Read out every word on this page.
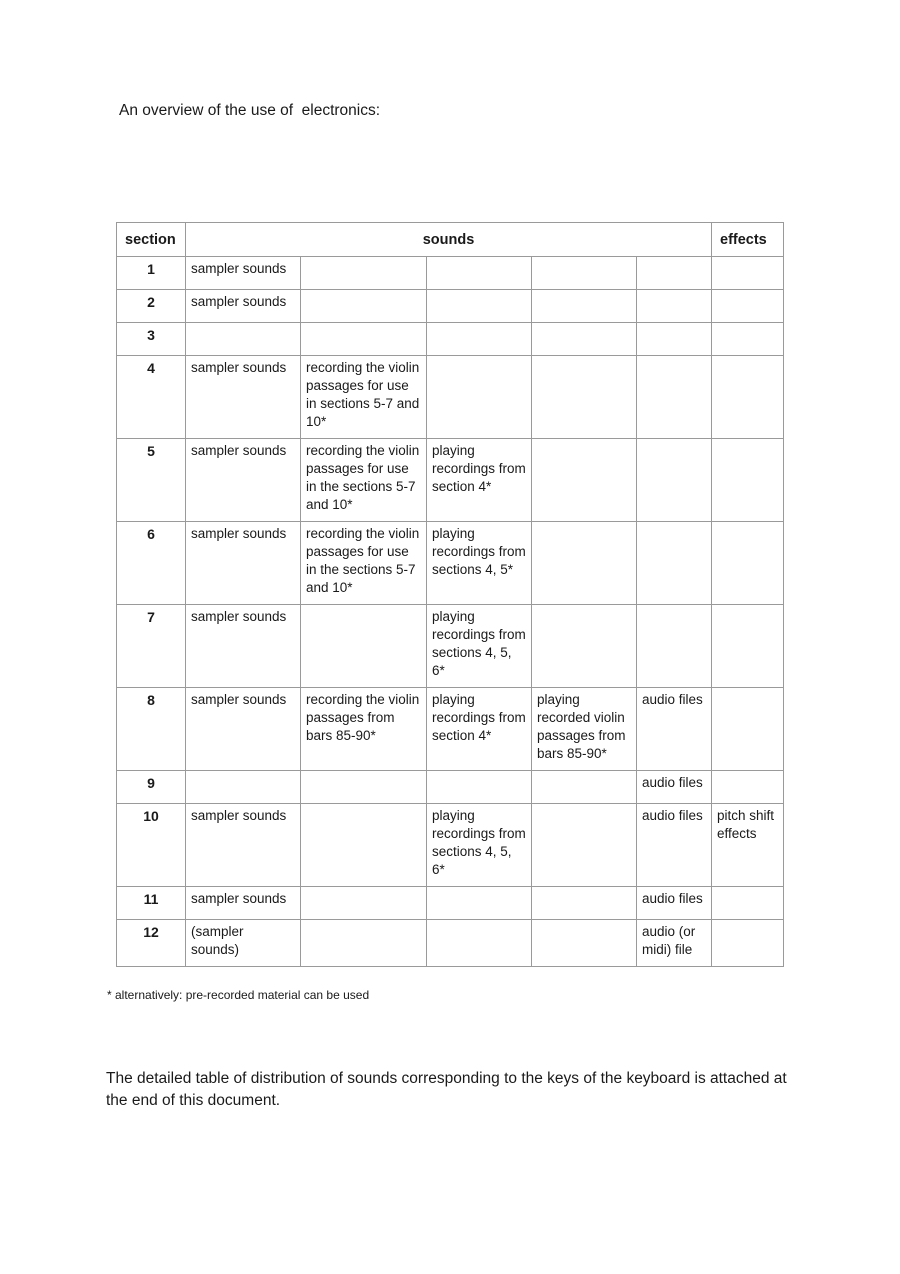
An overview of the use of  electronics:
section	sounds					effects
1	sampler sounds					
2	sampler sounds					
3						
4	sampler sounds	recording the violin passages for use in sections 5-7 and 10*				
5	sampler sounds	recording the violin passages for use in the sections 5-7 and 10*	playing recordings from section 4*			
6	sampler sounds	recording the violin passages for use in the sections 5-7 and 10*	playing recordings from sections 4, 5*			
7	sampler sounds		playing recordings from sections 4, 5, 6*			
8	sampler sounds	recording the violin passages from bars 85-90*	playing recordings from section 4*	playing recorded violin passages from bars 85-90*	audio files	
9					audio files	
10	sampler sounds		playing recordings from sections 4, 5, 6*		audio files	pitch shift effects
11	sampler sounds				audio files	
12	(sampler sounds)				audio (or midi) file	
* alternatively: pre-recorded material can be used
The detailed table of distribution of sounds corresponding to the keys of the keyboard is attached at the end of this document.
